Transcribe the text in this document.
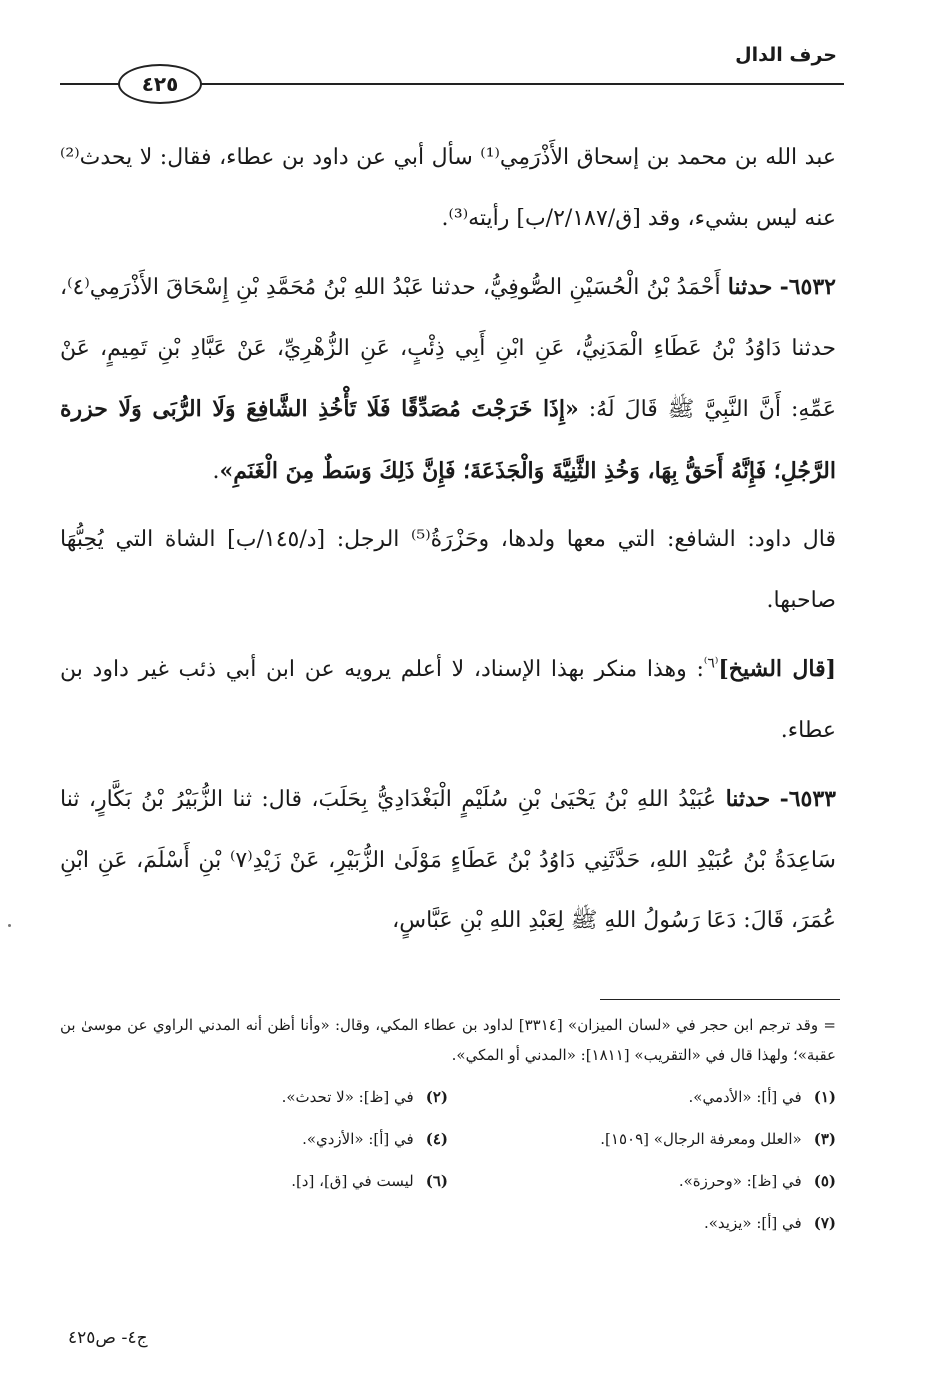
حرف الدال
٤٢٥

عبد الله بن محمد بن إسحاق الأَذْرَمِي⁽¹⁾ سأل أبي عن داود بن عطاء، فقال: لا يحدث⁽²⁾ عنه ليس بشيء، وقد [ق/٢/١٨٧/ب] رأيته⁽³⁾.

٦٥٣٢- حدثنا أَحْمَدُ بْنُ الْحُسَيْنِ الصُّوفِيُّ، حدثنا عَبْدُ اللهِ بْنُ مُحَمَّدِ بْنِ إِسْحَاقَ الأَذْرَمِي⁽٤⁾، حدثنا دَاوُدُ بْنُ عَطَاءِ الْمَدَنِيُّ، عَنِ ابْنِ أَبِي ذِئْبٍ، عَنِ الزُّهْرِيِّ، عَنْ عَبَّادِ بْنِ تَمِيمٍ، عَنْ عَمِّهِ: أَنَّ النَّبِيَّ ﷺ قَالَ لَهُ: «إِذَا خَرَجْتَ مُصَدِّقًا فَلَا تَأْخُذِ الشَّافِعَ وَلَا الرُّبَى وَلَا حزرة الرَّجُلِ؛ فَإِنَّهُ أَحَقُّ بِهَا، وَخُذِ الثَّنِيَّةَ وَالْجَذَعَةَ؛ فَإِنَّ ذَلِكَ وَسَطٌ مِنَ الْغَنَمِ».

قال داود: الشافع: التي معها ولدها، وحَزْرَةُ⁽⁵⁾ الرجل: [د/١٤٥/ب] الشاة التي يُحِبُّهَا صاحبها.

[قال الشيخ]$^{^(٦^)}$: وهذا منكر بهذا الإسناد، لا أعلم يرويه عن ابن أبي ذئب غير داود بن عطاء.

٦٥٣٣- حدثنا عُبَيْدُ اللهِ بْنُ يَحْيَىٰ بْنِ سُلَيْمٍ الْبَغْدَادِيُّ بِحَلَبَ، قال: ثنا الزُّبَيْرُ بْنُ بَكَّارٍ، ثنا سَاعِدَةُ بْنُ عُبَيْدِ اللهِ، حَدَّثَنِي دَاوُدُ بْنُ عَطَاءٍ مَوْلَىٰ الزُّبَيْرِ، عَنْ زَيْدِ⁽٧⁾ بْنِ أَسْلَمَ، عَنِ ابْنِ عُمَرَ، قَالَ: دَعَا رَسُولُ اللهِ ﷺ لِعَبْدِ اللهِ بْنِ عَبَّاسٍ،

= وقد ترجم ابن حجر في «لسان الميزان» [٣٣١٤] لداود بن عطاء المكي، وقال: «وأنا أظن أنه المدني الراوي عن موسىٰ بن عقبة»؛ ولهذا قال في «التقريب» [١٨١١]: «المدني أو المكي».
(١)في [أ]: «الأدمي».
(٢)في [ظ]: «لا تحدث».
(٣)«العلل ومعرفة الرجال» [١٥٠٩].
(٤)في [أ]: «الأزدي».
(٥)في [ظ]: «وحرزة».
(٦)ليست في [ق]، [د].
(٧)في [أ]: «يزيد».
ج٤- ص٤٢٥
